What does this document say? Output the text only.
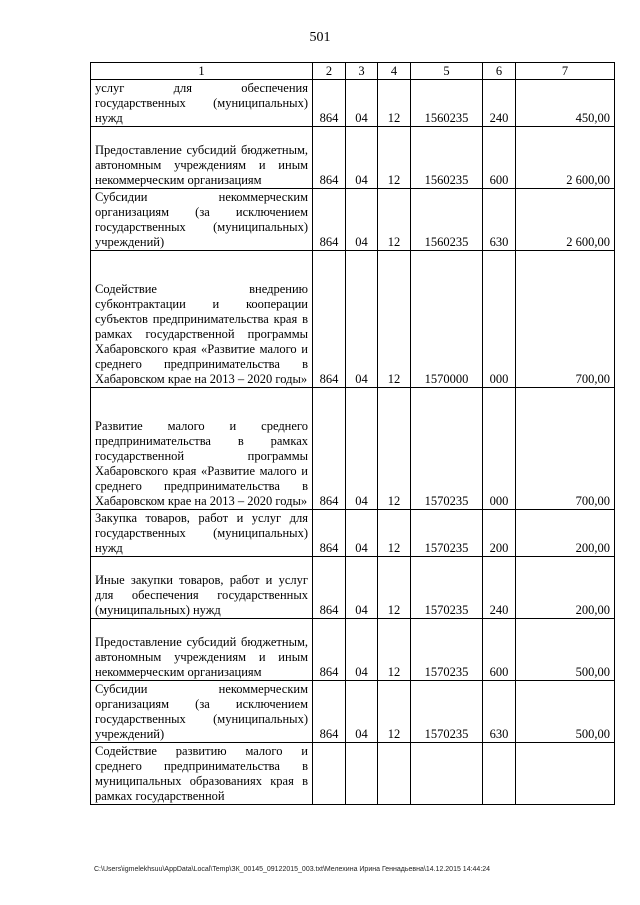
501
1	2	3	4	5	6	7
услуг для обеспечения государственных (муниципальных) нужд	864	04	12	1560235	240	450,00
Предоставление субсидий бюджетным, автономным учреждениям и иным некоммерческим организациям	864	04	12	1560235	600	2 600,00
Субсидии некоммерческим организациям (за исключением государственных (муниципальных) учреждений)	864	04	12	1560235	630	2 600,00
Содействие внедрению субконтрактации и кооперации субъектов предпринимательства края в рамках государственной программы Хабаровского края «Развитие малого и среднего предпринимательства в Хабаровском крае на 2013 – 2020 годы»	864	04	12	1570000	000	700,00
Развитие малого и среднего предпринимательства в рамках государственной программы Хабаровского края «Развитие малого и среднего предпринимательства в Хабаровском крае на 2013 – 2020 годы»	864	04	12	1570235	000	700,00
Закупка товаров, работ и услуг для государственных (муниципальных) нужд	864	04	12	1570235	200	200,00
Иные закупки товаров, работ и услуг для обеспечения государственных (муниципальных) нужд	864	04	12	1570235	240	200,00
Предоставление субсидий бюджетным, автономным учреждениям и иным некоммерческим организациям	864	04	12	1570235	600	500,00
Субсидии некоммерческим организациям (за исключением государственных (муниципальных) учреждений)	864	04	12	1570235	630	500,00
Содействие развитию малого и среднего предпринимательства в муниципальных образованиях края в рамках государственной						
C:\Users\igmelekhsuu\AppData\Local\Temp\ЗК_00145_09122015_003.txt\Мелехина Ирина Геннадьевна\14.12.2015 14:44:24
